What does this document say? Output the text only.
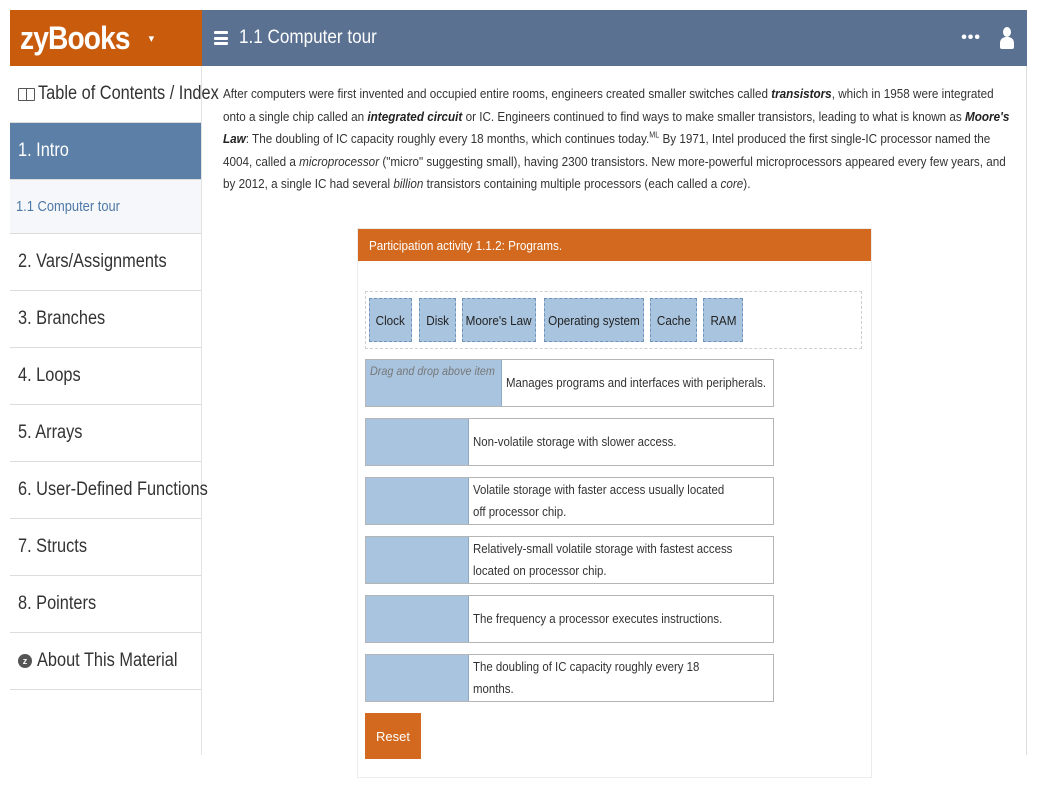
zyBooks ▾	1.1 Computer tour	•••
Table of Contents / Index
1. Intro
1.1 Computer tour
2. Vars/Assignments
3. Branches
4. Loops
5. Arrays
6. User-Defined Functions
7. Structs
8. Pointers
z About This Material
After computers were first invented and occupied entire rooms, engineers created smaller switches called transistors, which in 1958 were integrated onto a single chip called an integrated circuit or IC. Engineers continued to find ways to make smaller transistors, leading to what is known as Moore's Law: The doubling of IC capacity roughly every 18 months, which continues today.$^{ML}$ By 1971, Intel produced the first single-IC processor named the 4004, called a microprocessor ("micro" suggesting small), having 2300 transistors. New more-powerful microprocessors appeared every few years, and by 2012, a single IC had several billion transistors containing multiple processors (each called a core).
Participation activity 1.1.2: Programs.
Clock Disk Moore's Law Operating system Cache RAM
Drag and drop above item
Manages programs and interfaces with peripherals.
Non-volatile storage with slower access.
Volatile storage with faster access usually located off processor chip.
Relatively-small volatile storage with fastest access located on processor chip.
The frequency a processor executes instructions.
The doubling of IC capacity roughly every 18 months.
Reset
